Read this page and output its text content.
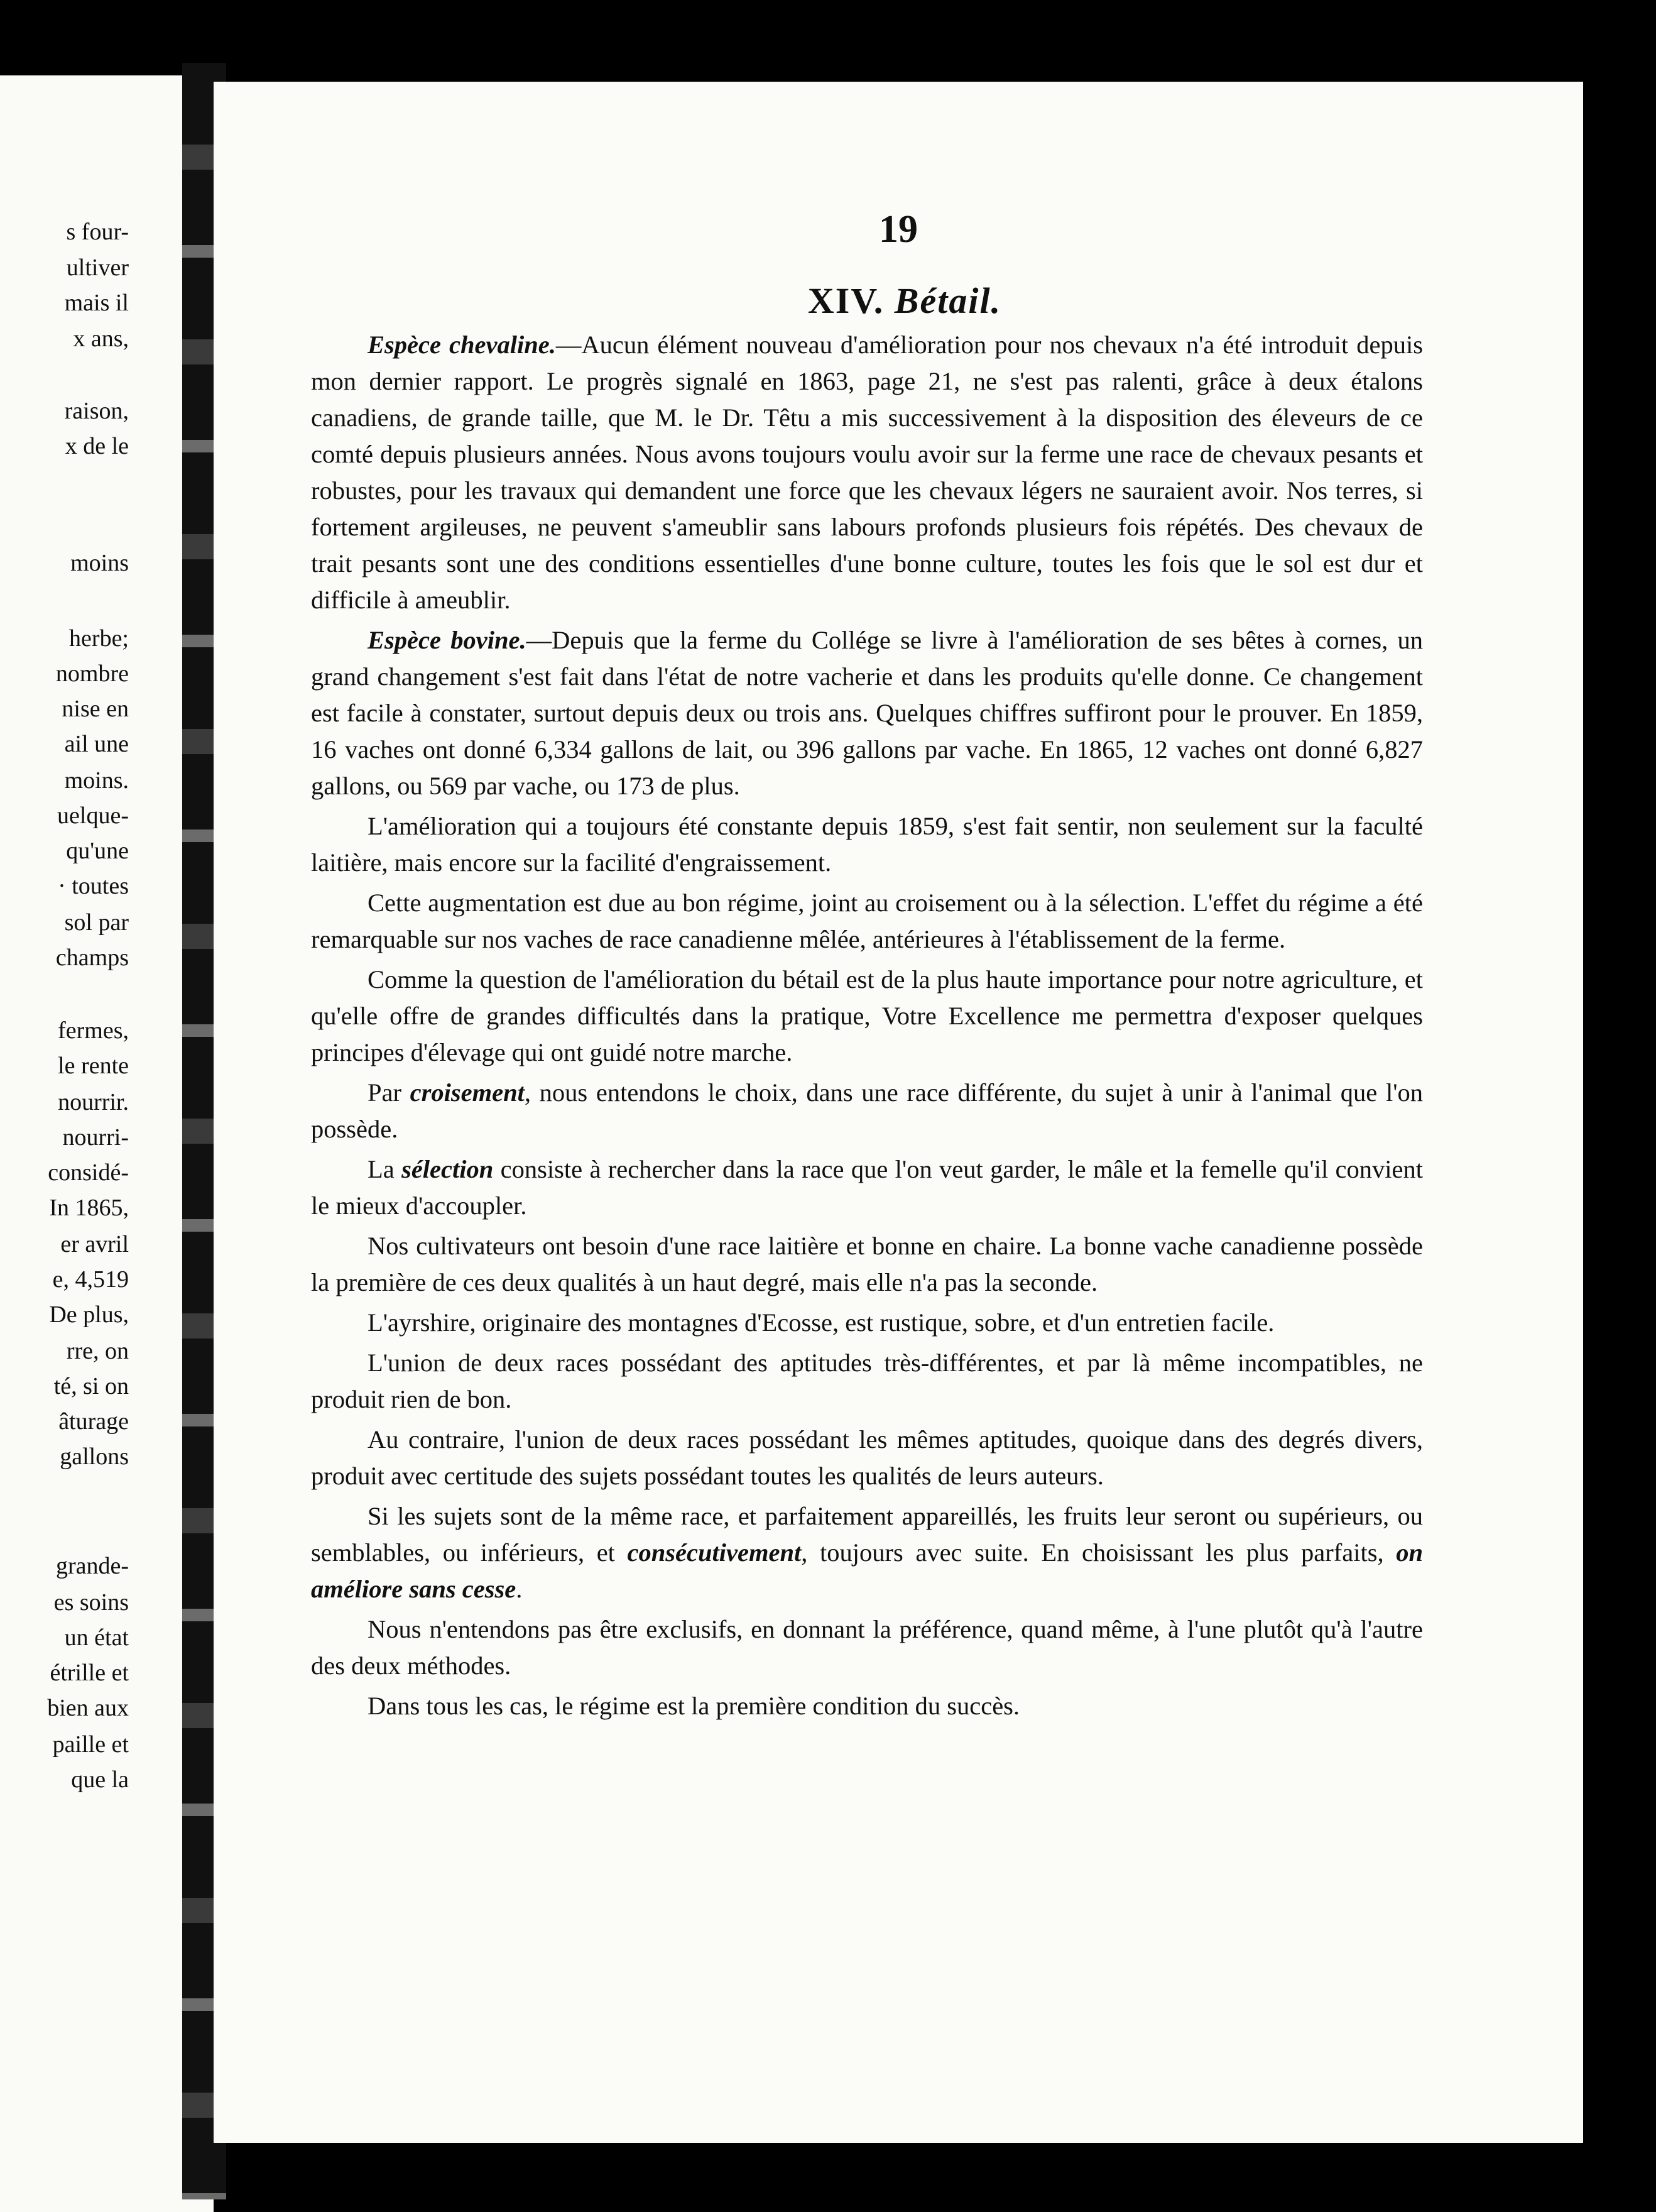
s four-
ultiver
mais il
x ans,
raison,
x de le
moins
herbe;
nombre
nise en
ail une
moins.
uelque-
qu'une
· toutes
sol par
champs
fermes,
le rente
nourrir.
nourri-
considé-
In 1865,
er avril
e, 4,519
De plus,
rre, on
té, si on
âturage
gallons
grande-
es soins
un état
étrille et
bien aux
paille et
que la
19
XIV. Bétail.

Espèce chevaline.—Aucun élément nouveau d'amélioration pour nos chevaux n'a été introduit depuis mon dernier rapport. Le progrès signalé en 1863, page 21, ne s'est pas ralenti, grâce à deux étalons canadiens, de grande taille, que M. le Dr. Têtu a mis successivement à la disposition des éleveurs de ce comté depuis plusieurs années. Nous avons toujours voulu avoir sur la ferme une race de chevaux pesants et robustes, pour les travaux qui demandent une force que les chevaux légers ne sauraient avoir. Nos terres, si fortement argileuses, ne peuvent s'ameublir sans labours profonds plusieurs fois répétés. Des chevaux de trait pesants sont une des conditions essentielles d'une bonne culture, toutes les fois que le sol est dur et difficile à ameublir.

Espèce bovine.—Depuis que la ferme du Collége se livre à l'amélioration de ses bêtes à cornes, un grand changement s'est fait dans l'état de notre vacherie et dans les produits qu'elle donne. Ce changement est facile à constater, surtout depuis deux ou trois ans. Quelques chiffres suffiront pour le prouver. En 1859, 16 vaches ont donné 6,334 gallons de lait, ou 396 gallons par vache. En 1865, 12 vaches ont donné 6,827 gallons, ou 569 par vache, ou 173 de plus.

L'amélioration qui a toujours été constante depuis 1859, s'est fait sentir, non seulement sur la faculté laitière, mais encore sur la facilité d'engraissement.

Cette augmentation est due au bon régime, joint au croisement ou à la sélection. L'effet du régime a été remarquable sur nos vaches de race canadienne mêlée, antérieures à l'établissement de la ferme.

Comme la question de l'amélioration du bétail est de la plus haute importance pour notre agriculture, et qu'elle offre de grandes difficultés dans la pratique, Votre Excellence me permettra d'exposer quelques principes d'élevage qui ont guidé notre marche.

Par croisement, nous entendons le choix, dans une race différente, du sujet à unir à l'animal que l'on possède.

La sélection consiste à rechercher dans la race que l'on veut garder, le mâle et la femelle qu'il convient le mieux d'accoupler.

Nos cultivateurs ont besoin d'une race laitière et bonne en chaire. La bonne vache canadienne possède la première de ces deux qualités à un haut degré, mais elle n'a pas la seconde.

L'ayrshire, originaire des montagnes d'Ecosse, est rustique, sobre, et d'un entretien facile.

L'union de deux races possédant des aptitudes très-différentes, et par là même incompatibles, ne produit rien de bon.

Au contraire, l'union de deux races possédant les mêmes aptitudes, quoique dans des degrés divers, produit avec certitude des sujets possédant toutes les qualités de leurs auteurs.

Si les sujets sont de la même race, et parfaitement appareillés, les fruits leur seront ou supérieurs, ou semblables, ou inférieurs, et consécutivement, toujours avec suite. En choisissant les plus parfaits, on améliore sans cesse.

Nous n'entendons pas être exclusifs, en donnant la préférence, quand même, à l'une plutôt qu'à l'autre des deux méthodes.

Dans tous les cas, le régime est la première condition du succès.
